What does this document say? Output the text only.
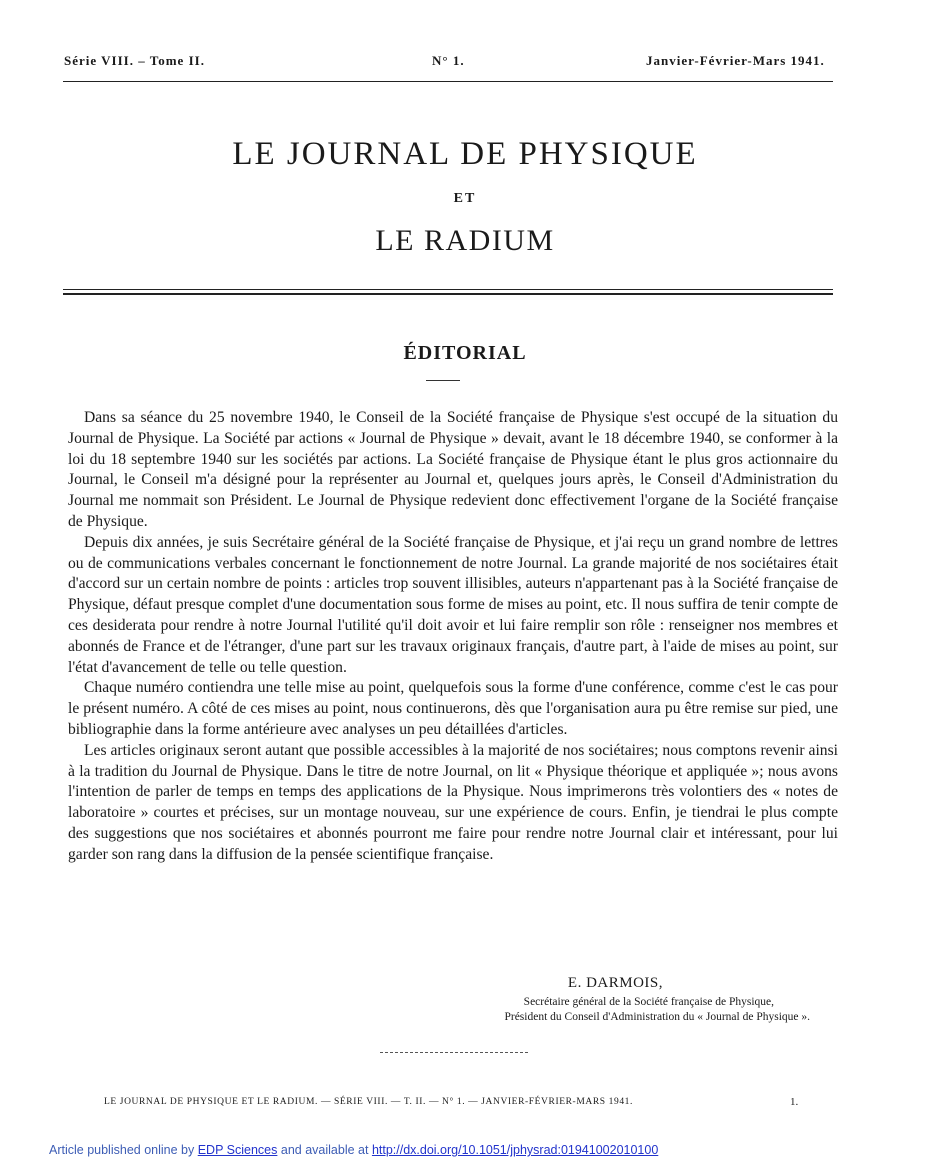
Série VIII. – Tome II.	N° 1.	Janvier-Février-Mars 1941.
LE JOURNAL DE PHYSIQUE
ET
LE RADIUM
ÉDITORIAL

Dans sa séance du 25 novembre 1940, le Conseil de la Société française de Physique s'est occupé de la situation du Journal de Physique. La Société par actions « Journal de Physique » devait, avant le 18 décembre 1940, se conformer à la loi du 18 septembre 1940 sur les sociétés par actions. La Société française de Physique étant le plus gros actionnaire du Journal, le Conseil m'a désigné pour la représenter au Journal et, quelques jours après, le Conseil d'Administration du Journal me nommait son Président. Le Journal de Physique redevient donc effectivement l'organe de la Société française de Physique.

Depuis dix années, je suis Secrétaire général de la Société française de Physique, et j'ai reçu un grand nombre de lettres ou de communications verbales concernant le fonctionnement de notre Journal. La grande majorité de nos sociétaires était d'accord sur un certain nombre de points : articles trop souvent illisibles, auteurs n'appartenant pas à la Société française de Physique, défaut presque complet d'une documentation sous forme de mises au point, etc. Il nous suffira de tenir compte de ces desiderata pour rendre à notre Journal l'utilité qu'il doit avoir et lui faire remplir son rôle : renseigner nos membres et abonnés de France et de l'étranger, d'une part sur les travaux originaux français, d'autre part, à l'aide de mises au point, sur l'état d'avancement de telle ou telle question.

Chaque numéro contiendra une telle mise au point, quelquefois sous la forme d'une conférence, comme c'est le cas pour le présent numéro. A côté de ces mises au point, nous continuerons, dès que l'organisation aura pu être remise sur pied, une bibliographie dans la forme antérieure avec analyses un peu détaillées d'articles.

Les articles originaux seront autant que possible accessibles à la majorité de nos sociétaires; nous comptons revenir ainsi à la tradition du Journal de Physique. Dans le titre de notre Journal, on lit « Physique théorique et appliquée »; nous avons l'intention de parler de temps en temps des applications de la Physique. Nous imprimerons très volontiers des « notes de laboratoire » courtes et précises, sur un montage nouveau, sur une expérience de cours. Enfin, je tiendrai le plus compte des suggestions que nos sociétaires et abonnés pourront me faire pour rendre notre Journal clair et intéressant, pour lui garder son rang dans la diffusion de la pensée scientifique française.

E. DARMOIS,
Secrétaire général de la Société française de Physique,
Président du Conseil d'Administration du « Journal de Physique ».
LE JOURNAL DE PHYSIQUE ET LE RADIUM. — SÉRIE VIII. — T. II. — N° 1. — JANVIER-FÉVRIER-MARS 1941.	1.
Article published online by EDP Sciences and available at http://dx.doi.org/10.1051/jphysrad:01941002010100
